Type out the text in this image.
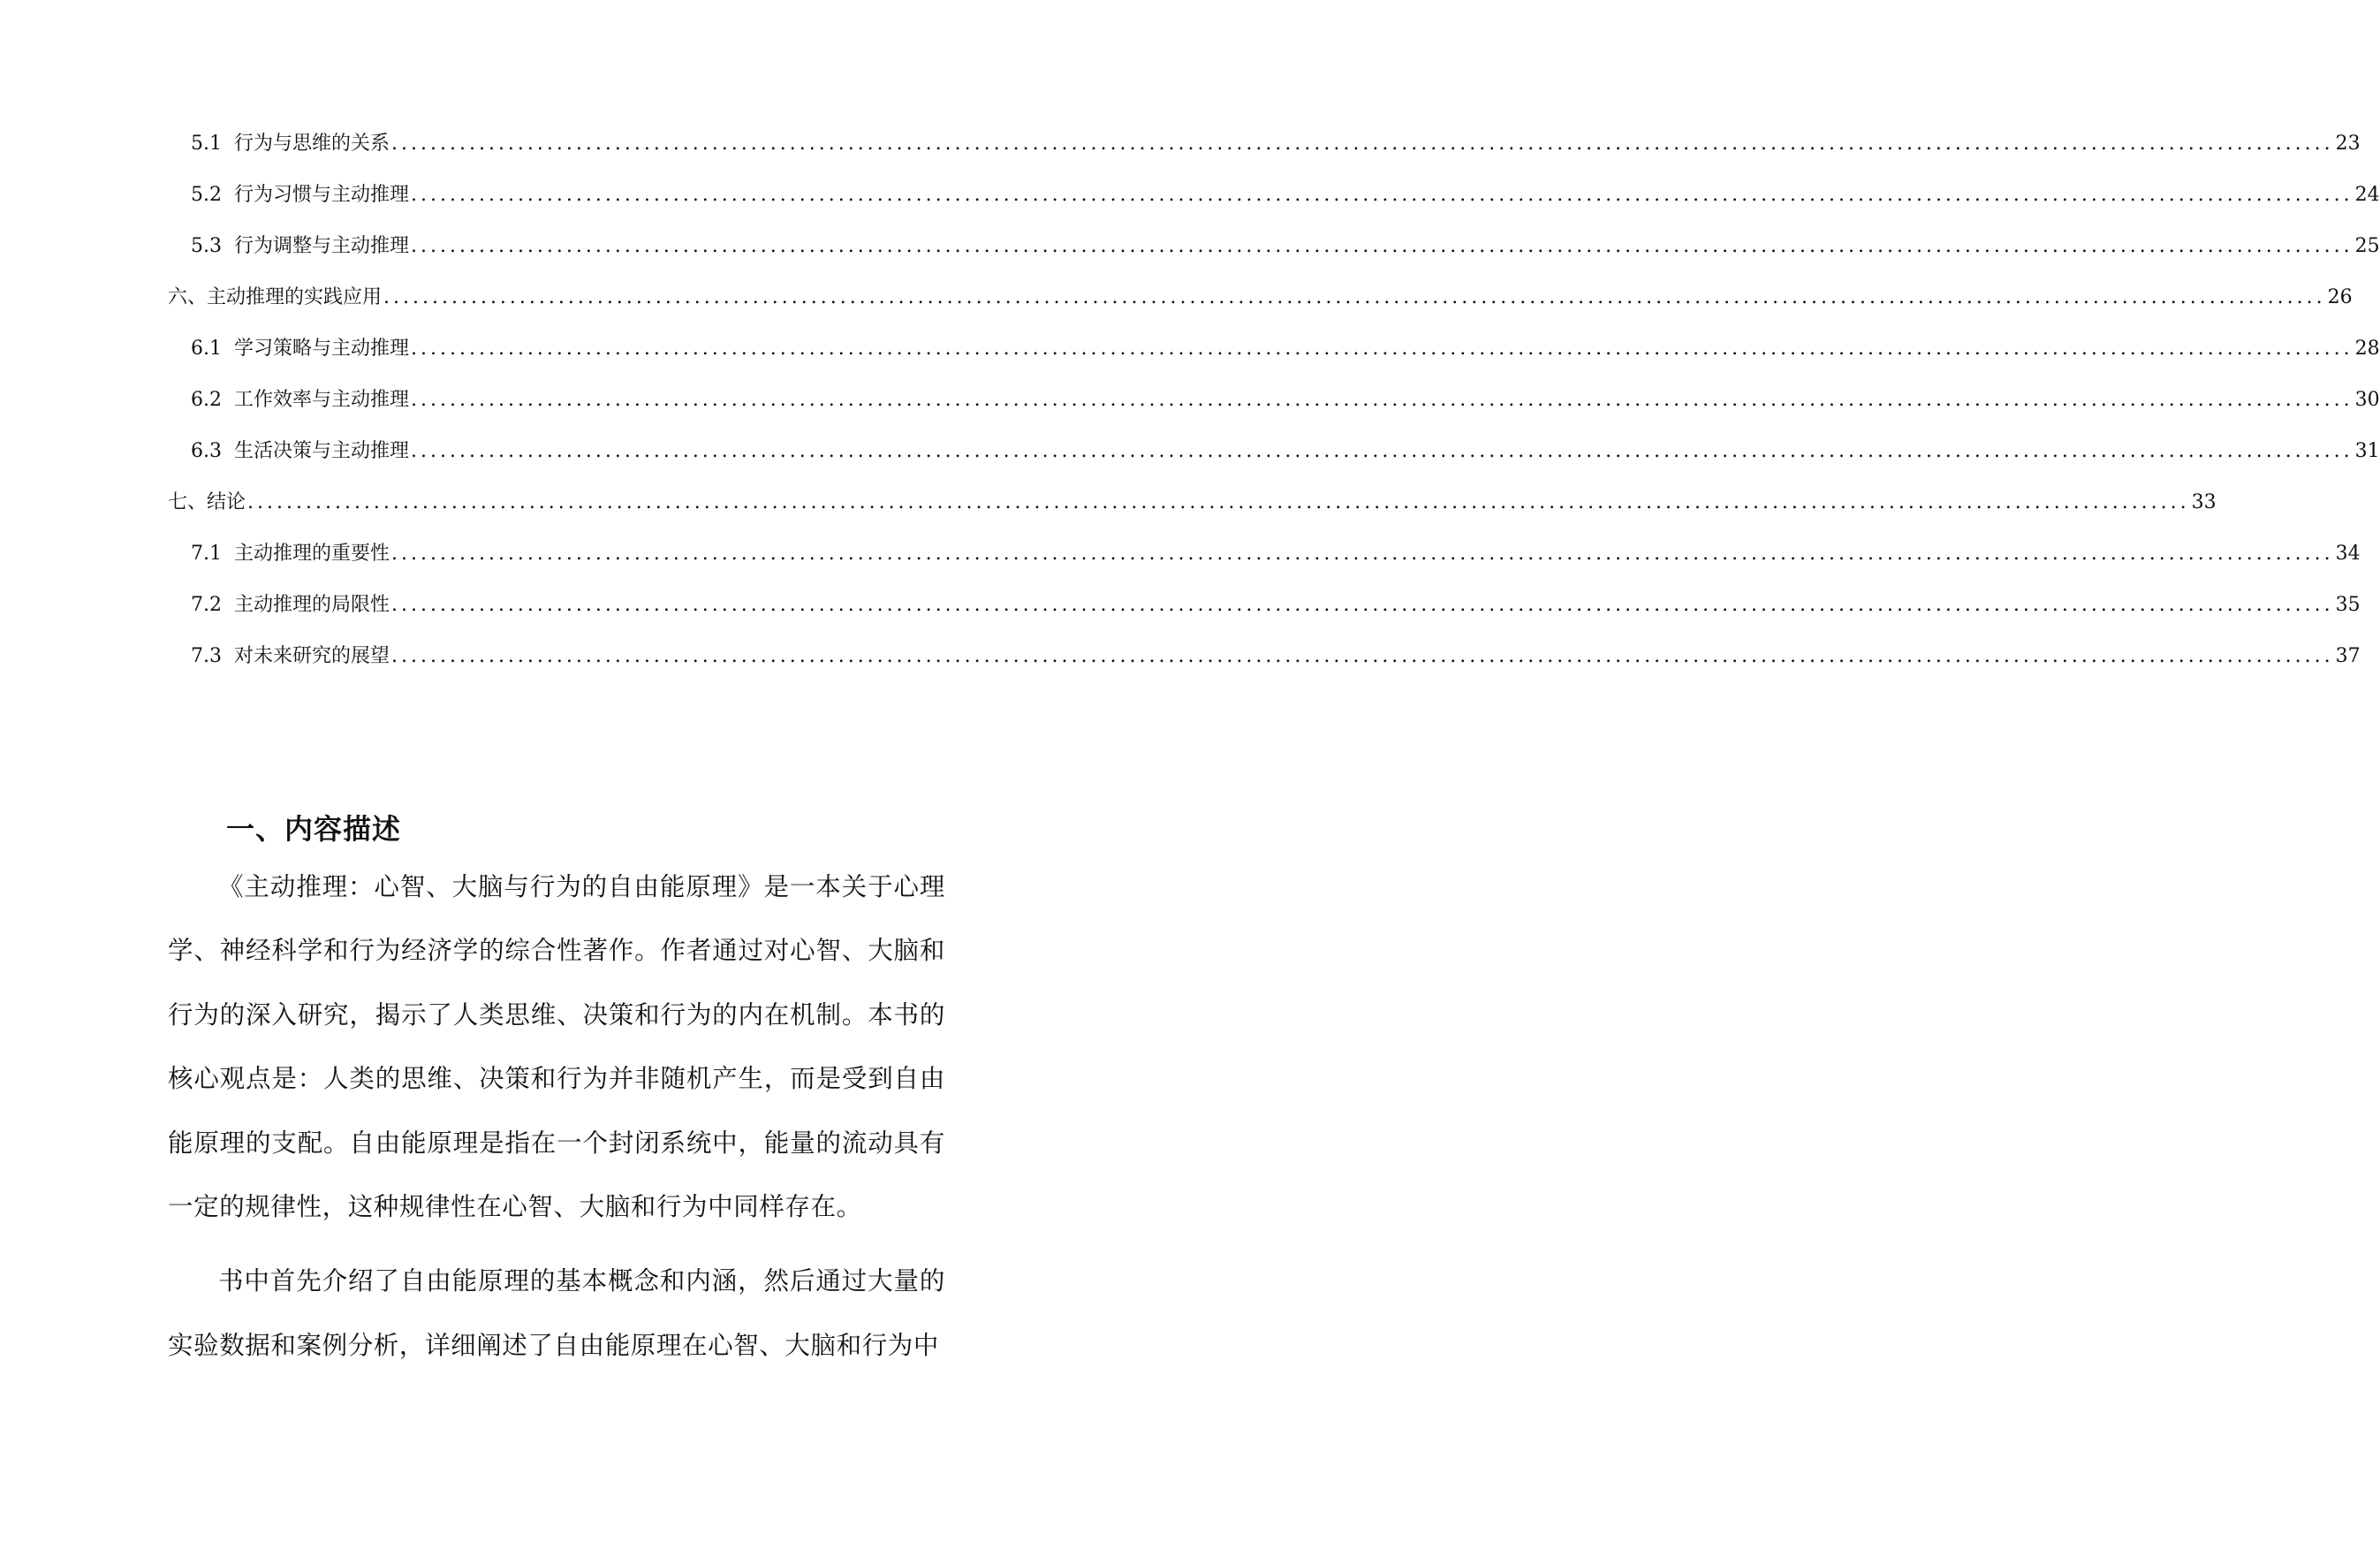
5.1 行为与思维的关系 ........................................................................................................................................................................................................ 23
5.2 行为习惯与主动推理 ........................................................................................................................................................................................................ 24
5.3 行为调整与主动推理 ........................................................................................................................................................................................................ 25
六、主动推理的实践应用 ........................................................................................................................................................................................................ 26
6.1 学习策略与主动推理 ........................................................................................................................................................................................................ 28
6.2 工作效率与主动推理 ........................................................................................................................................................................................................ 30
6.3 生活决策与主动推理 ........................................................................................................................................................................................................ 31
七、结论 ........................................................................................................................................................................................................ 33
7.1 主动推理的重要性 ........................................................................................................................................................................................................ 34
7.2 主动推理的局限性 ........................................................................................................................................................................................................ 35
7.3 对未来研究的展望 ........................................................................................................................................................................................................ 37
一、内容描述

《主动推理：心智、大脑与行为的自由能原理》是一本关于心理学、神经科学和行为经济学的综合性著作。作者通过对心智、大脑和行为的深入研究，揭示了人类思维、决策和行为的内在机制。本书的核心观点是：人类的思维、决策和行为并非随机产生，而是受到自由能原理的支配。自由能原理是指在一个封闭系统中，能量的流动具有一定的规律性，这种规律性在心智、大脑和行为中同样存在。

书中首先介绍了自由能原理的基本概念和内涵，然后通过大量的实验数据和案例分析，详细阐述了自由能原理在心智、大脑和行为中
